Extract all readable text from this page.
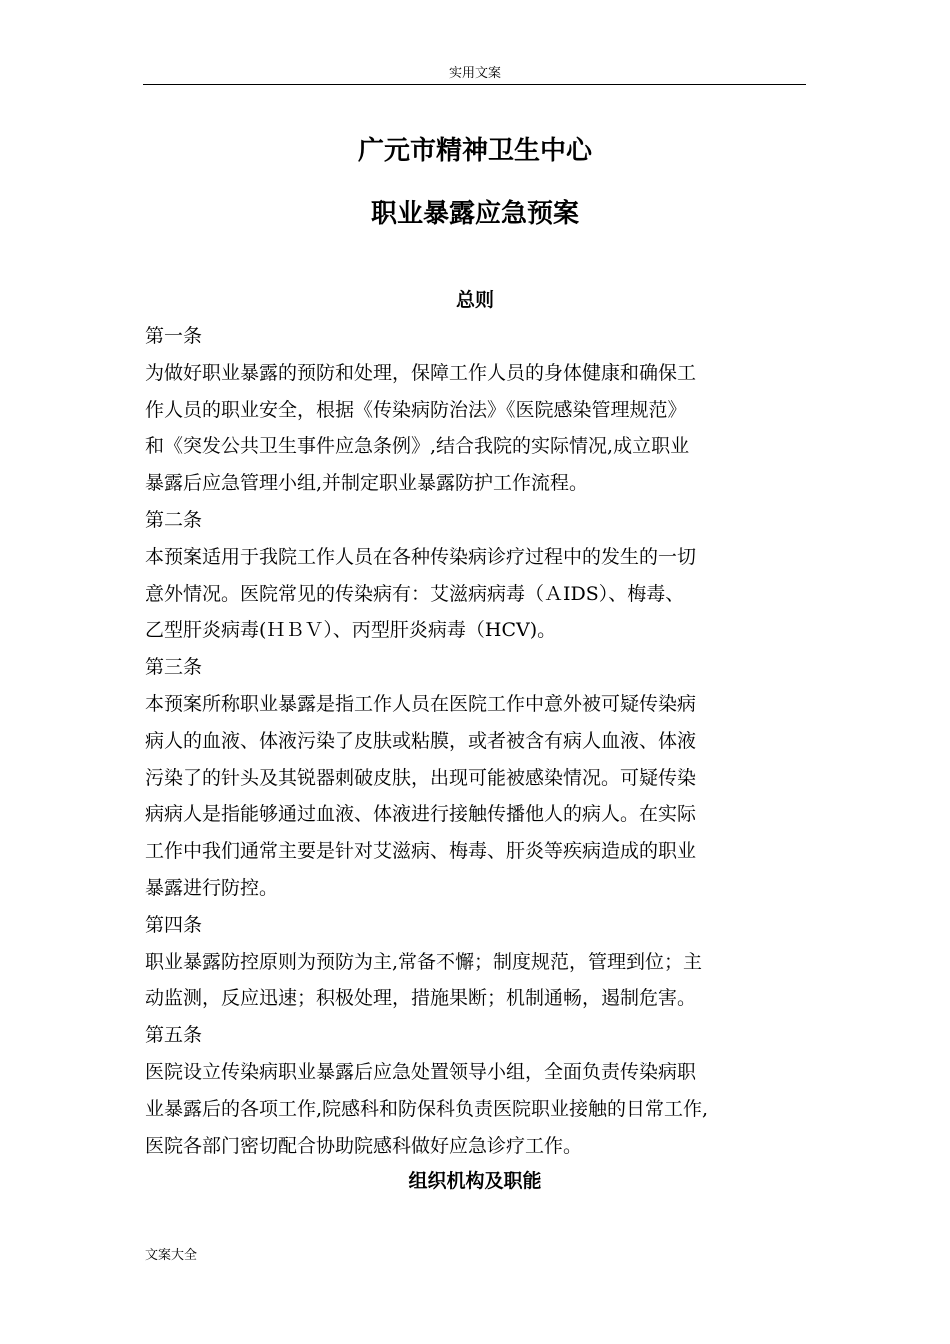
实用文案
广元市精神卫生中心
职业暴露应急预案
总则
第一条
为做好职业暴露的预防和处理，保障工作人员的身体健康和确保工
作人员的职业安全，根据《传染病防治法》《医院感染管理规范》
和《突发公共卫生事件应急条例》,结合我院的实际情况,成立职业
暴露后应急管理小组,并制定职业暴露防护工作流程。
第二条
本预案适用于我院工作人员在各种传染病诊疗过程中的发生的一切
意外情况。医院常见的传染病有：艾滋病病毒（ＡIDS）、梅毒、
乙型肝炎病毒(ＨＢＶ）、丙型肝炎病毒（HCV)。
第三条
本预案所称职业暴露是指工作人员在医院工作中意外被可疑传染病
病人的血液、体液污染了皮肤或粘膜，或者被含有病人血液、体液
污染了的针头及其锐器刺破皮肤，出现可能被感染情况。可疑传染
病病人是指能够通过血液、体液进行接触传播他人的病人。在实际
工作中我们通常主要是针对艾滋病、梅毒、肝炎等疾病造成的职业
暴露进行防控。
第四条
职业暴露防控原则为预防为主,常备不懈；制度规范，管理到位；主
动监测，反应迅速；积极处理，措施果断；机制通畅，遏制危害。
第五条
医院设立传染病职业暴露后应急处置领导小组，全面负责传染病职
业暴露后的各项工作,院感科和防保科负责医院职业接触的日常工作,
医院各部门密切配合协助院感科做好应急诊疗工作。
组织机构及职能
文案大全
